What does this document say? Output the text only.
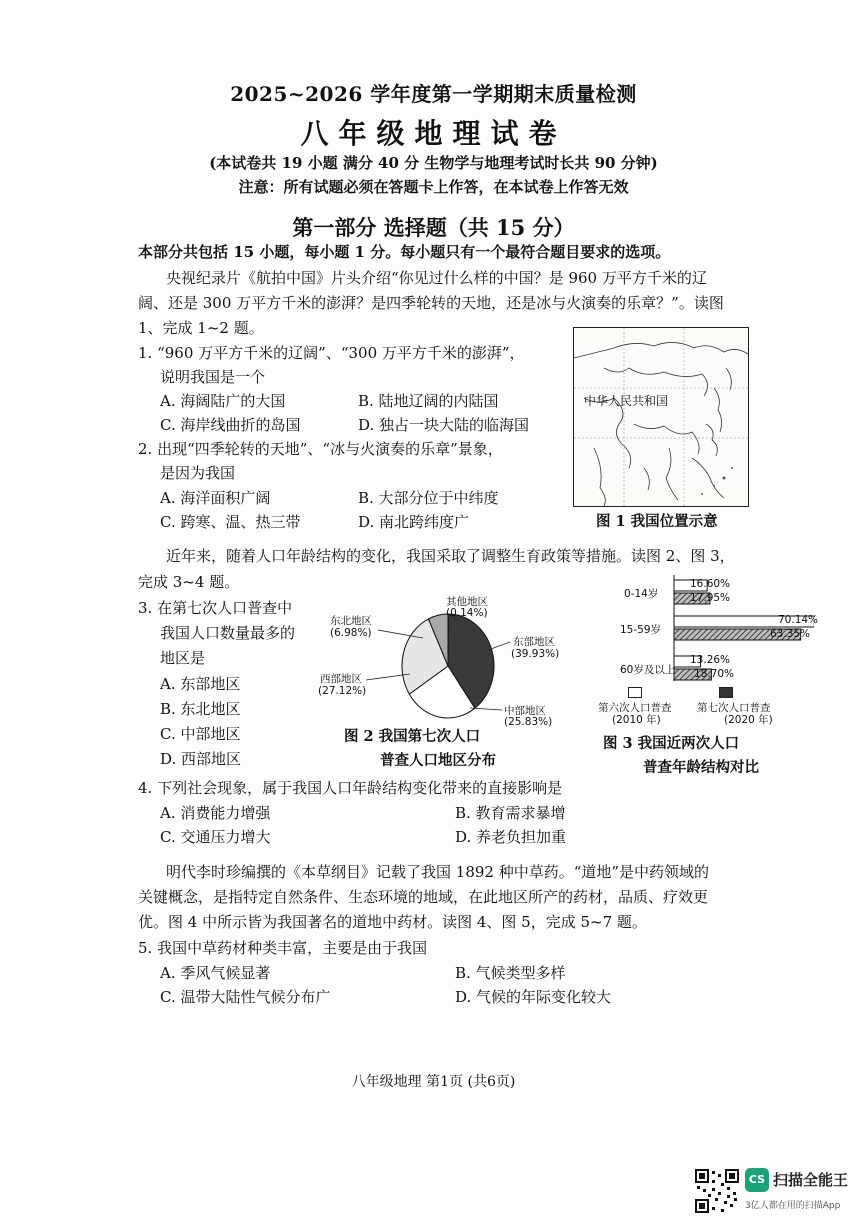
2025~2026 学年度第一学期期末质量检测
八年级地理试卷
(本试卷共 19 小题 满分 40 分 生物学与地理考试时长共 90 分钟)
注意：所有试题必须在答题卡上作答，在本试卷上作答无效
第一部分 选择题（共 15 分）
本部分共包括 15 小题，每小题 1 分。每小题只有一个最符合题目要求的选项。
央视纪录片《航拍中国》片头介绍“你见过什么样的中国？是 960 万平方千米的辽
阔、还是 300 万平方千米的澎湃？是四季轮转的天地，还是冰与火演奏的乐章？”。读图
1、完成 1~2 题。
1. “960 万平方千米的辽阔”、“300 万平方千米的澎湃”，
说明我国是一个
A. 海阔陆广的大国	B. 陆地辽阔的内陆国
C. 海岸线曲折的岛国	D. 独占一块大陆的临海国
2. 出现“四季轮转的天地”、“冰与火演奏的乐章”景象，
是因为我国
A. 海洋面积广阔	B. 大部分位于中纬度
C. 跨寒、温、热三带	D. 南北跨纬度广
中华人民共和国
图 1 我国位置示意
近年来，随着人口年龄结构的变化，我国采取了调整生育政策等措施。读图 2、图 3，
完成 3~4 题。
3. 在第七次人口普查中
我国人口数量最多的
地区是
A. 东部地区
B. 东北地区
C. 中部地区
D. 西部地区
东北地区
(6.98%)
其他地区
(0.14%)
东部地区
(39.93%)
西部地区
(27.12%)
中部地区
(25.83%)
图 2 我国第七次人口
普查人口地区分布
0-14岁
15-59岁
60岁及以上
16.60%
17.95%
70.14%
63.35%
13.26%
18.70%
第六次人口普查
(2010 年)
第七次人口普查
(2020 年)
图 3 我国近两次人口
普查年龄结构对比
4. 下列社会现象，属于我国人口年龄结构变化带来的直接影响是
A. 消费能力增强	B. 教育需求暴增
C. 交通压力增大	D. 养老负担加重
明代李时珍编撰的《本草纲目》记载了我国 1892 种中草药。“道地”是中药领域的
关键概念，是指特定自然条件、生态环境的地域，在此地区所产的药材，品质、疗效更
优。图 4 中所示皆为我国著名的道地中药材。读图 4、图 5，完成 5~7 题。
5. 我国中草药材种类丰富，主要是由于我国
A. 季风气候显著	B. 气候类型多样
C. 温带大陆性气候分布广	D. 气候的年际变化较大
八年级地理 第1页 (共6页)
CS 扫描全能王
3亿人都在用的扫描App
